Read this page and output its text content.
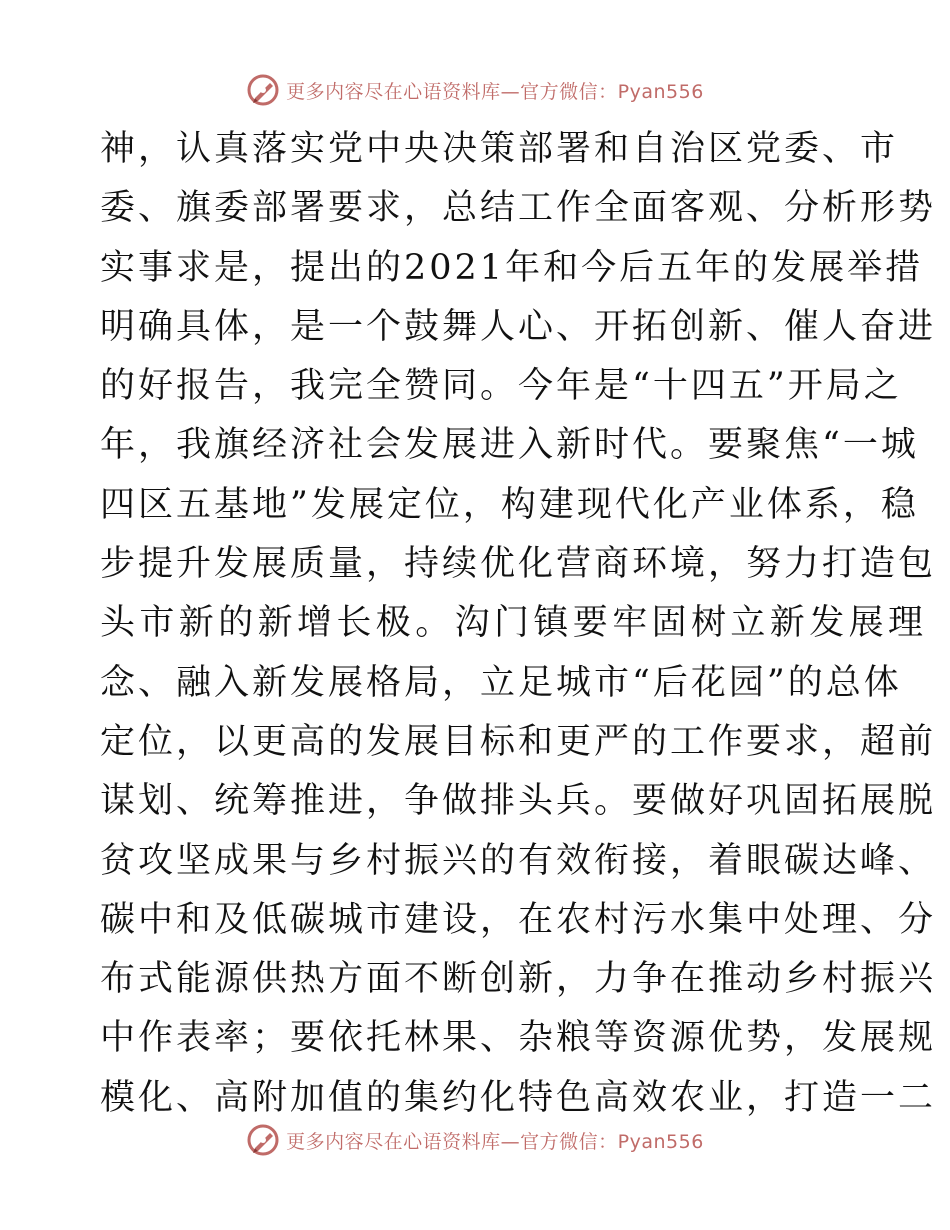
更多内容尽在心语资料库—官方微信：Pyan556
神，认真落实党中央决策部署和自治区党委、市
委、旗委部署要求，总结工作全面客观、分析形势
实事求是，提出的2021年和今后五年的发展举措
明确具体，是一个鼓舞人心、开拓创新、催人奋进
的好报告，我完全赞同。今年是“十四五”开局之
年，我旗经济社会发展进入新时代。要聚焦“一城
四区五基地”发展定位，构建现代化产业体系，稳
步提升发展质量，持续优化营商环境，努力打造包
头市新的新增长极。沟门镇要牢固树立新发展理
念、融入新发展格局，立足城市“后花园”的总体
定位，以更高的发展目标和更严的工作要求，超前
谋划、统筹推进，争做排头兵。要做好巩固拓展脱
贫攻坚成果与乡村振兴的有效衔接，着眼碳达峰、
碳中和及低碳城市建设，在农村污水集中处理、分
布式能源供热方面不断创新，力争在推动乡村振兴
中作表率；要依托林果、杂粮等资源优势，发展规
模化、高附加值的集约化特色高效农业，打造一二
更多内容尽在心语资料库—官方微信：Pyan556
